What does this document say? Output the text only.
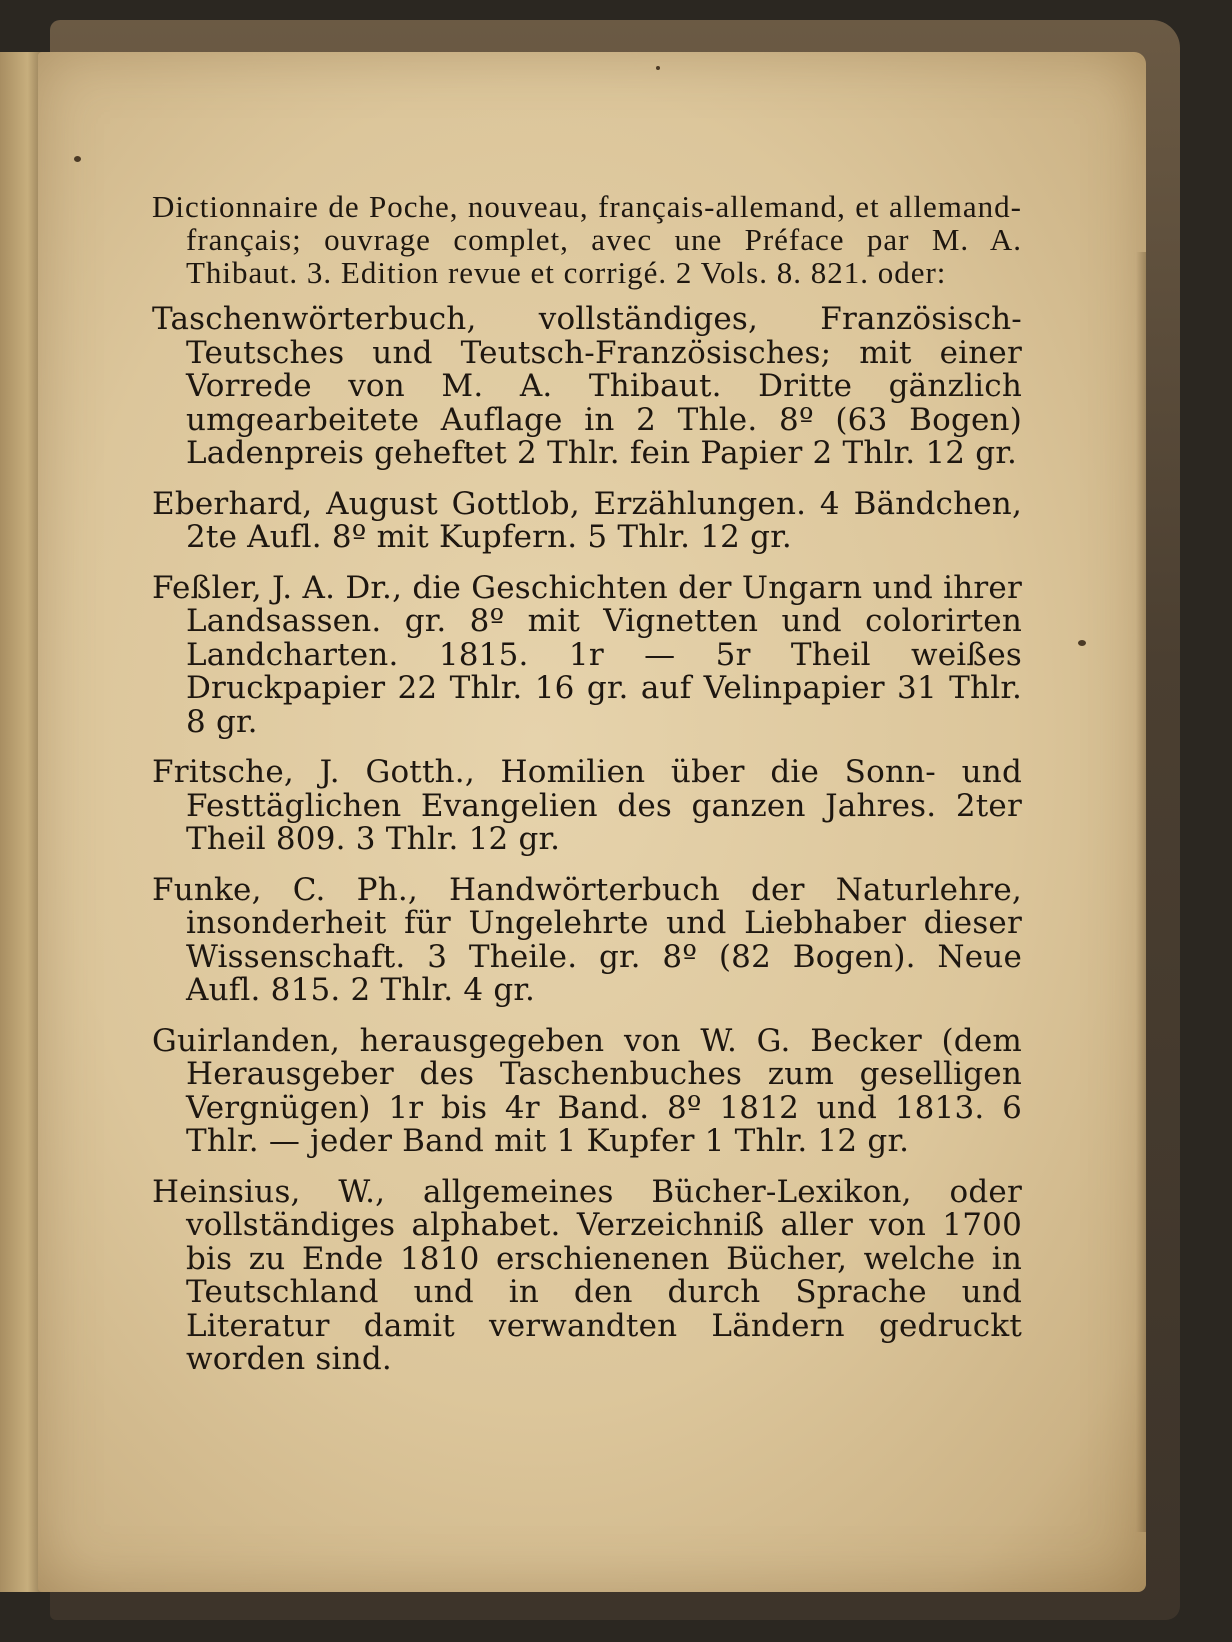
Dictionnaire de Poche, nouveau, français-allemand, et allemand-français; ouvrage complet, avec une Préface par M. A. Thibaut. 3. Edition revue et corrigé. 2 Vols. 8. 821. oder:

Taschenwörterbuch, vollständiges, Französisch-Teutsches und Teutsch-Französisches; mit einer Vorrede von M. A. Thibaut. Dritte gänzlich umgearbeitete Auflage in 2 Thle. 8º (63 Bogen) Ladenpreis geheftet 2 Thlr. fein Papier 2 Thlr. 12 gr.

Eberhard, August Gottlob, Erzählungen. 4 Bändchen, 2te Aufl. 8º mit Kupfern. 5 Thlr. 12 gr.

Feßler, J. A. Dr., die Geschichten der Ungarn und ihrer Landsassen. gr. 8º mit Vignetten und colorirten Landcharten. 1815. 1r — 5r Theil weißes Druckpapier 22 Thlr. 16 gr. auf Velinpapier 31 Thlr. 8 gr.

Fritsche, J. Gotth., Homilien über die Sonn- und Festtäglichen Evangelien des ganzen Jahres. 2ter Theil 809. 3 Thlr. 12 gr.

Funke, C. Ph., Handwörterbuch der Naturlehre, insonderheit für Ungelehrte und Liebhaber dieser Wissenschaft. 3 Theile. gr. 8º (82 Bogen). Neue Aufl. 815. 2 Thlr. 4 gr.

Guirlanden, herausgegeben von W. G. Becker (dem Herausgeber des Taschenbuches zum geselligen Vergnügen) 1r bis 4r Band. 8º 1812 und 1813. 6 Thlr. — jeder Band mit 1 Kupfer 1 Thlr. 12 gr.

Heinsius, W., allgemeines Bücher-Lexikon, oder vollständiges alphabet. Verzeichniß aller von 1700 bis zu Ende 1810 erschienenen Bücher, welche in Teutschland und in den durch Sprache und Literatur damit verwandten Ländern gedruckt worden sind.
